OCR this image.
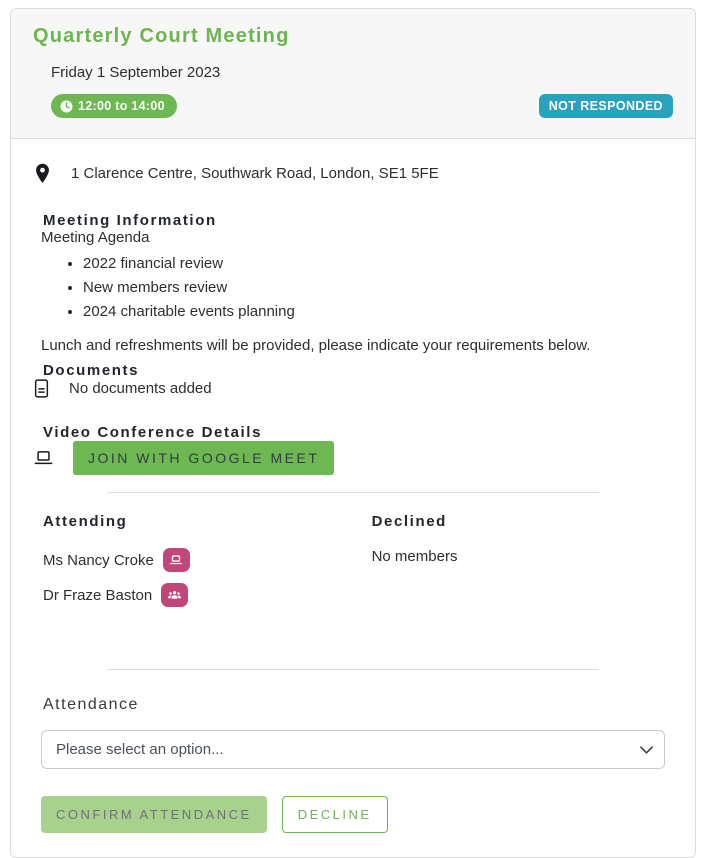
Quarterly Court Meeting
Friday 1 September 2023
12:00 to 14:00	NOT RESPONDED
1 Clarence Centre, Southwark Road, London, SE1 5FE
Meeting Information

Meeting Agenda

• 2022 financial review
• New members review
• 2024 charitable events planning

Lunch and refreshments will be provided, please indicate your requirements below.

Documents
No documents added
Video Conference Details
JOIN WITH GOOGLE MEET
Attending
Ms Nancy Croke
Dr Fraze Baston
Declined
No members
Attendance
Please select an option...
CONFIRM ATTENDANCE	DECLINE
